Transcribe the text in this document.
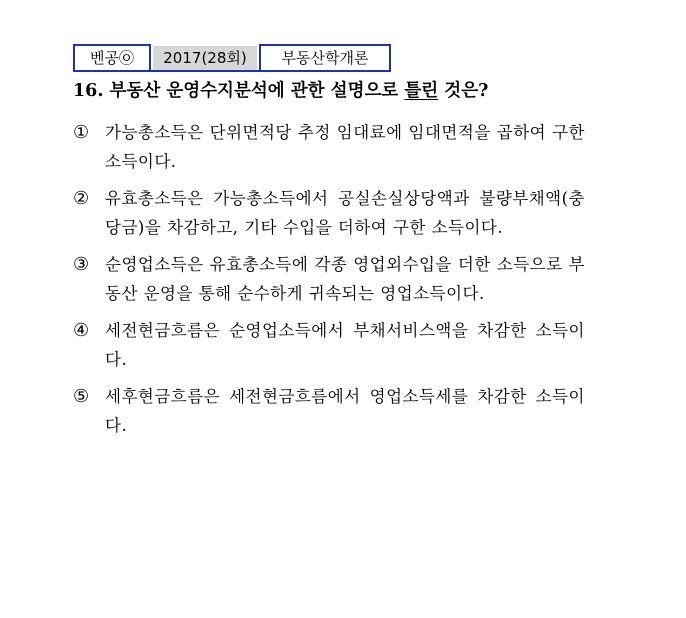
벤공㉧	2017(28회)	부동산학개론
16. 부동산 운영수지분석에 관한 설명으로 틀린 것은?
① 가능총소득은 단위면적당 추정 임대료에 임대면적을 곱하여 구한 소득이다.
② 유효총소득은 가능총소득에서 공실손실상당액과 불량부채액(충당금)을 차감하고, 기타 수입을 더하여 구한 소득이다.
③ 순영업소득은 유효총소득에 각종 영업외수입을 더한 소득으로 부동산 운영을 통해 순수하게 귀속되는 영업소득이다.
④ 세전현금흐름은 순영업소득에서 부채서비스액을 차감한 소득이다.
⑤ 세후현금흐름은 세전현금흐름에서 영업소득세를 차감한 소득이다.
